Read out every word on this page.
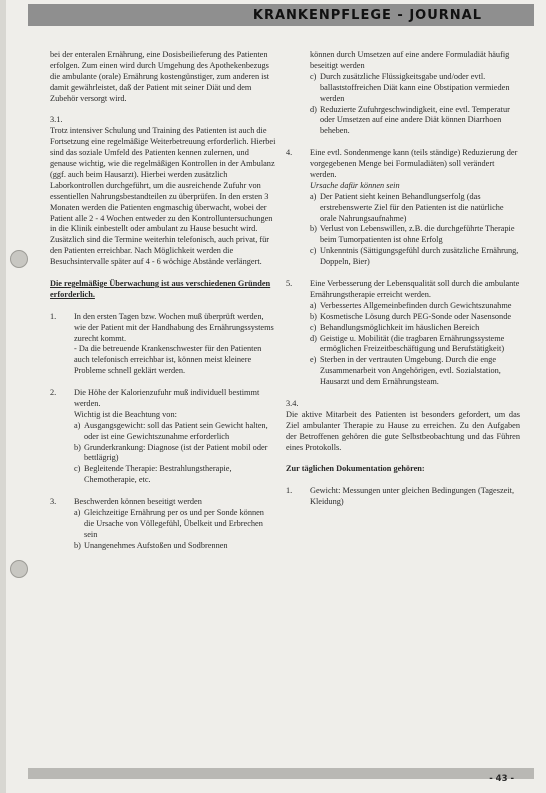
KRANKENPFLEGE - JOURNAL

bei der enteralen Ernährung, eine Dosisbeilieferung des Patienten erfolgen. Zum einen wird durch Umgehung des Apothekenbezugs die ambulante (orale) Ernährung kostengünstiger, zum anderen ist damit gewährleistet, daß der Patient mit seiner Diät und dem Zubehör versorgt wird.

3.1.

Trotz intensiver Schulung und Training des Patienten ist auch die Fortsetzung eine regelmäßige Weiterbetreuung erforderlich. Hierbei sind das soziale Umfeld des Patienten kennen zulernen, und genause wichtig, wie die regelmäßigen Kontrollen in der Ambulanz (ggf. auch beim Hausarzt). Hierbei werden zusätzlich Laborkontrollen durchgeführt, um die ausreichende Zufuhr von essentiellen Nahrungsbestandteilen zu überprüfen. In den ersten 3 Monaten werden die Patienten engmaschig überwacht, wobei der Patient alle 2 - 4 Wochen entweder zu den Kontrolluntersuchungen in die Klinik einbestellt oder ambulant zu Hause besucht wird. Zusätzlich sind die Termine weiterhin telefonisch, auch privat, für den Patienten erreichbar. Nach Möglichkeit werden die Besuchsintervalle später auf 4 - 6 wöchige Abstände verlängert.

Die regelmäßige Überwachung ist aus verschiedenen Gründen erforderlich.

1.	In den ersten Tagen bzw. Wochen muß überprüft werden, wie der Patient mit der Handhabung des Ernährungssystems zurecht kommt.

- Da die betreuende Krankenschwester für den Patienten auch telefonisch erreichbar ist, können meist kleinere Probleme schnell geklärt werden.

2.	Die Höhe der Kalorienzufuhr muß individuell bestimmt werden.

Wichtig ist die Beachtung von:

a) Ausgangsgewicht: soll das Patient sein Gewicht halten, oder ist eine Gewichtszunahme erforderlich
b) Grunderkrankung: Diagnose (ist der Patient mobil oder bettlägrig)
c) Begleitende Therapie: Bestrahlungstherapie, Chemotherapie, etc.
3.	Beschwerden können beseitigt werden

a) Gleichzeitige Ernährung per os und per Sonde können die Ursache von Völlegefühl, Übelkeit und Erbrechen sein
b) Unangenehmes Aufstoßen und Sodbrennen

können durch Umsetzen auf eine andere Formuladiät häufig beseitigt werden

c) Durch zusätzliche Flüssigkeitsgabe und/oder evtl. ballaststoffreichen Diät kann eine Obstipation vermieden werden
d) Reduzierte Zufuhrgeschwindigkeit, eine evtl. Temperatur oder Umsetzen auf eine andere Diät können Diarrhoen beheben.
4.	Eine evtl. Sondenmenge kann (teils ständige) Reduzierung der vorgegebenen Menge bei Formuladiäten) soll verändert werden.

Ursache dafür können sein

a) Der Patient sieht keinen Behandlungserfolg (das erstrebenswerte Ziel für den Patienten ist die natürliche orale Nahrungsaufnahme)
b) Verlust von Lebenswillen, z.B. die durchgeführte Therapie beim Tumorpatienten ist ohne Erfolg
c) Unkenntnis (Sättigungsgefühl durch zusätzliche Ernährung, Doppeln, Bier)
5.	Eine Verbesserung der Lebensqualität soll durch die ambulante Ernährungstherapie erreicht werden.

a) Verbessertes Allgemeinbefinden durch Gewichtszunahme
b) Kosmetische Lösung durch PEG-Sonde oder Nasensonde
c) Behandlungsmöglichkeit im häuslichen Bereich
d) Geistige u. Mobilität (die tragbaren Ernährungssysteme ermöglichen Freizeitbeschäftigung und Berufstätigkeit)
e) Sterben in der vertrauten Umgebung. Durch die enge Zusammenarbeit von Angehörigen, evtl. Sozialstation, Hausarzt und dem Ernährungsteam.

3.4.

Die aktive Mitarbeit des Patienten ist besonders gefordert, um das Ziel ambulanter Therapie zu Hause zu erreichen. Zu den Aufgaben der Betroffenen gehören die gute Selbstbeobachtung und das Führen eines Protokolls.

Zur täglichen Dokumentation gehören:

1.	Gewicht: Messungen unter gleichen Bedingungen (Tageszeit, Kleidung)

- 43 -
